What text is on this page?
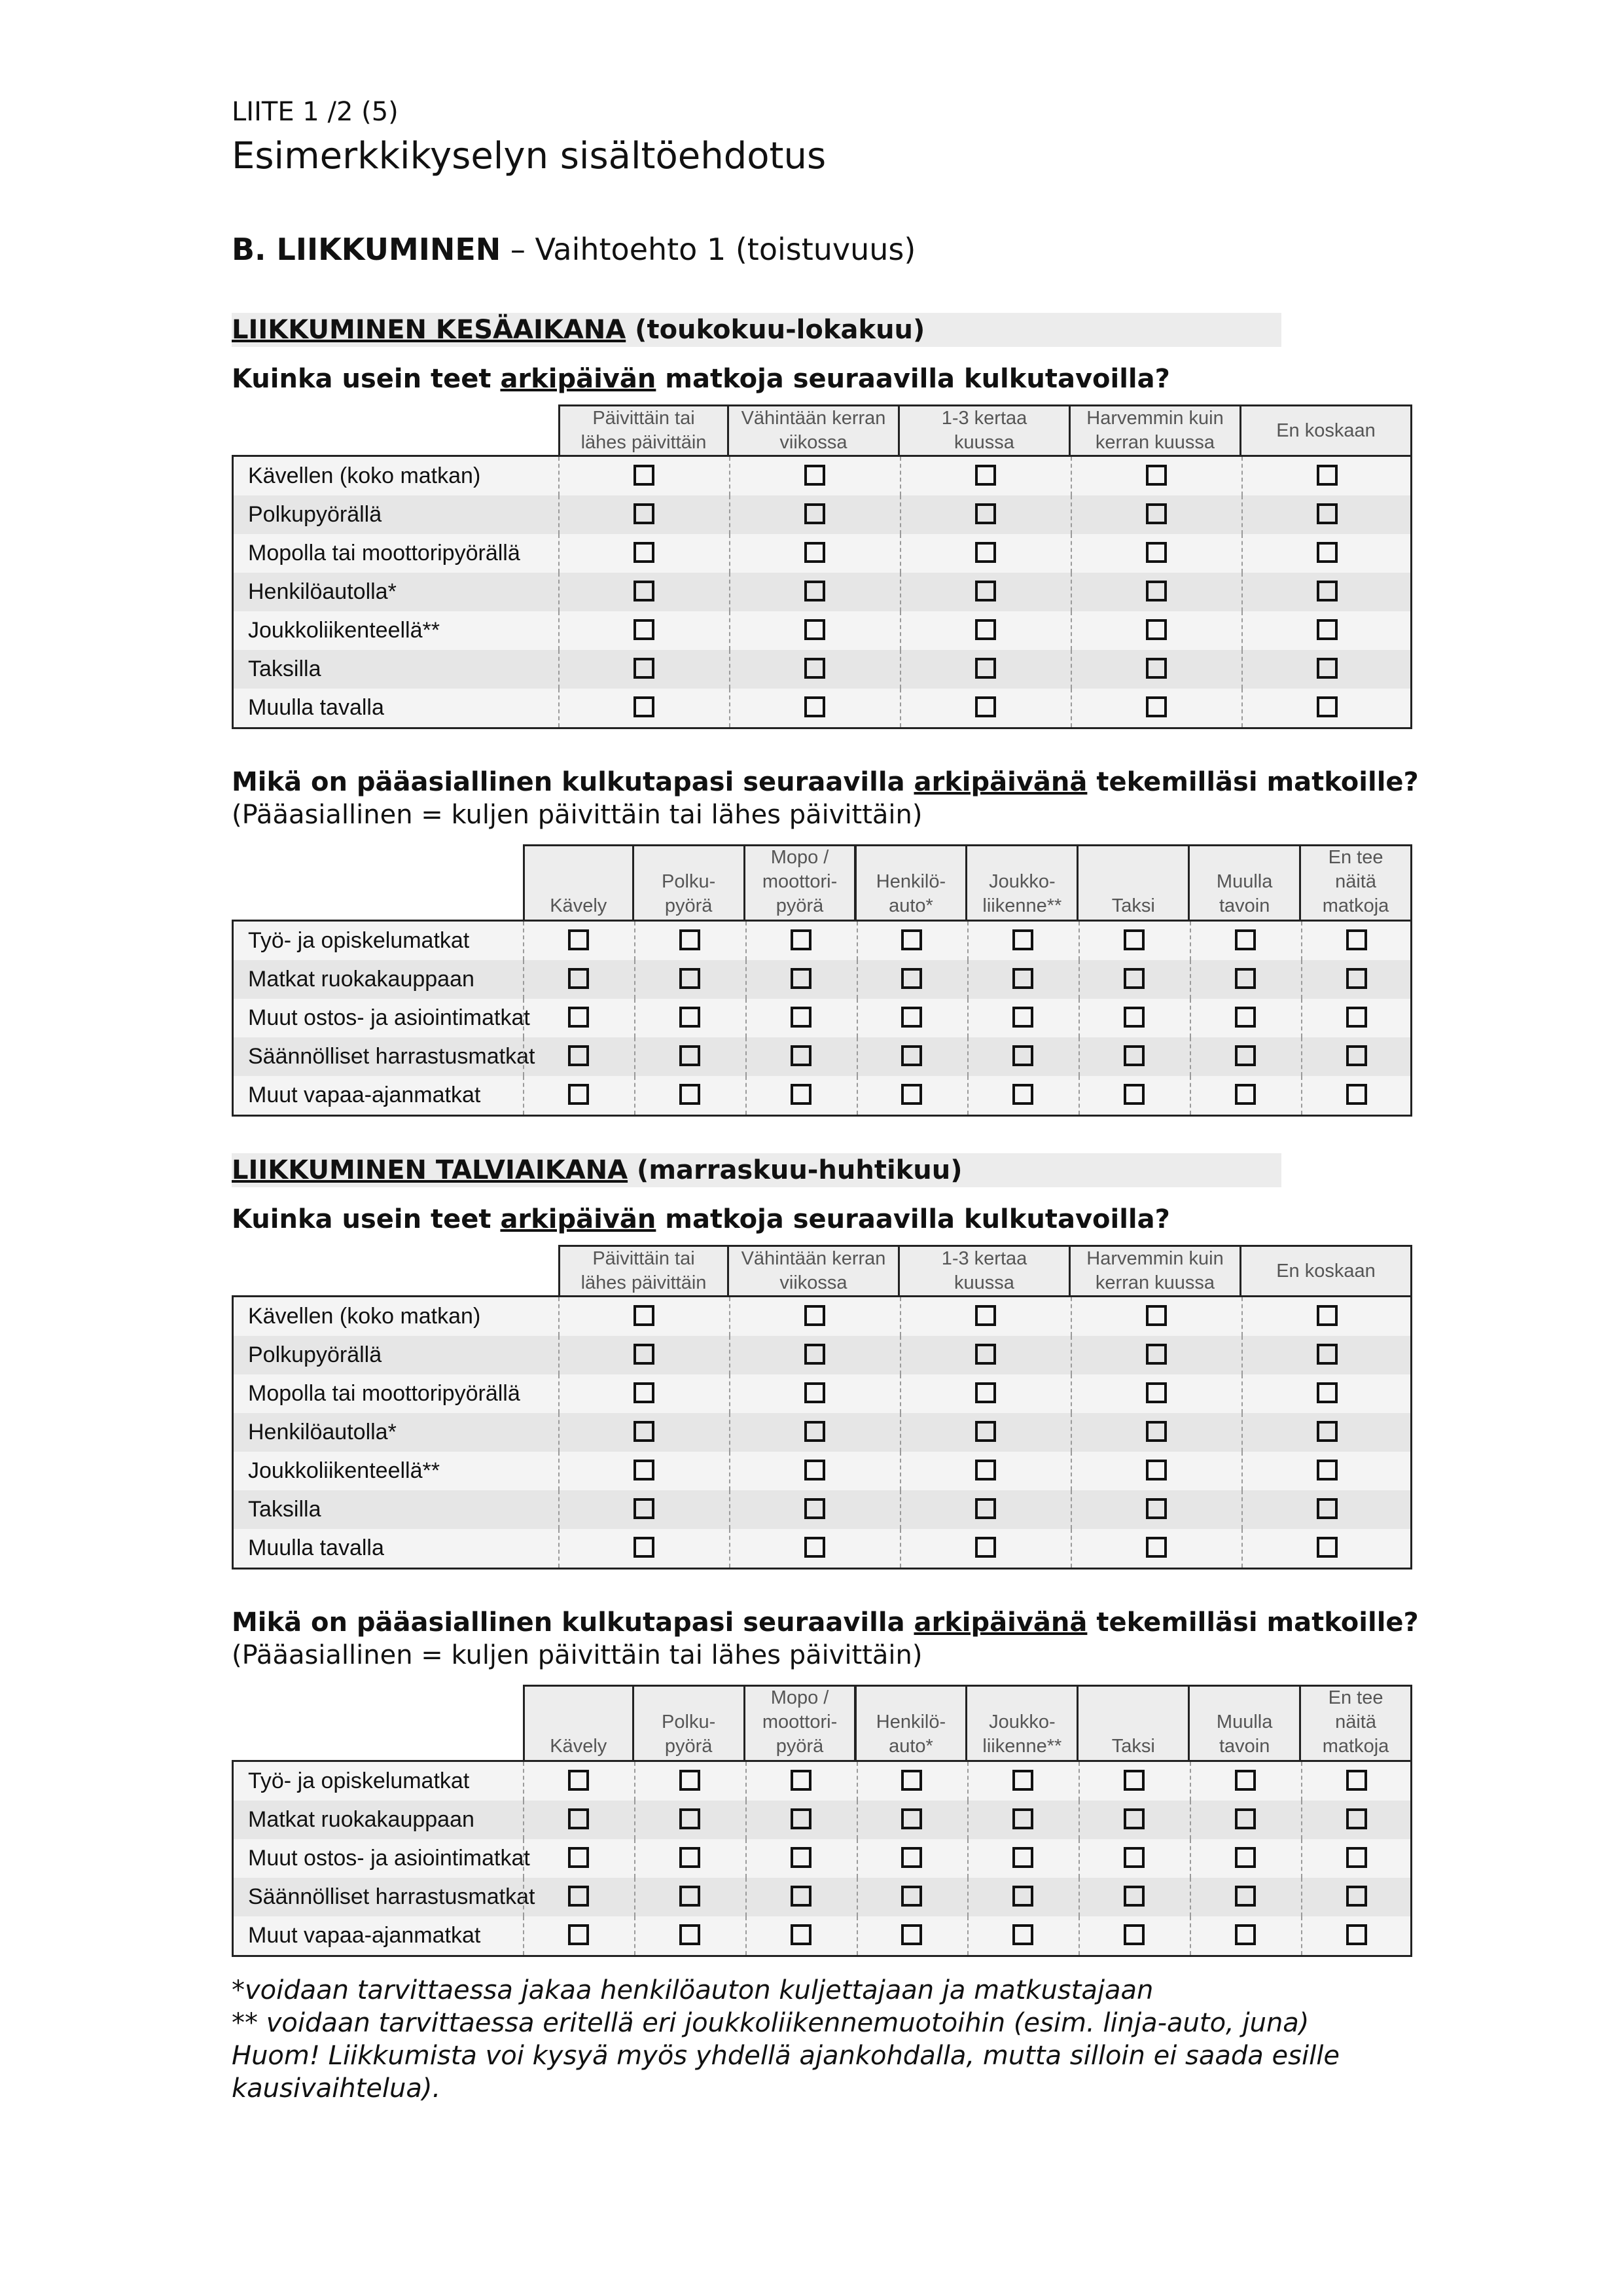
LIITE 1 /2 (5)
Esimerkkikyselyn sisältöehdotus
B. LIIKKUMINEN – Vaihtoehto 1 (toistuvuus)
LIIKKUMINEN KESÄAIKANA (toukokuu-lokakuu)
Kuinka usein teet arkipäivän matkoja seuraavilla kulkutavoilla?
Päivittäin tai
lähes päivittäin
Vähintään kerran
viikossa
1-3 kertaa
kuussa
Harvemmin kuin
kerran kuussa
En koskaan
Kävellen (koko matkan)
Polkupyörällä
Mopolla tai moottoripyörällä
Henkilöautolla*
Joukkoliikenteellä**
Taksilla
Muulla tavalla
Mikä on pääasiallinen kulkutapasi seuraavilla arkipäivänä tekemilläsi matkoille?
(Pääasiallinen = kuljen päivittäin tai lähes päivittäin)
Kävely
Polku-
pyörä
Mopo /
moottori-
pyörä
Henkilö-
auto*
Joukko-
liikenne**	Taksi
Muulla
tavoin
En tee
näitä
matkoja
Työ- ja opiskelumatkat
Matkat ruokakauppaan
Muut ostos- ja asiointimatkat
Säännölliset harrastusmatkat
Muut vapaa-ajanmatkat
LIIKKUMINEN TALVIAIKANA (marraskuu-huhtikuu)
Kuinka usein teet arkipäivän matkoja seuraavilla kulkutavoilla?
Päivittäin tai
lähes päivittäin
Vähintään kerran
viikossa
1-3 kertaa
kuussa
Harvemmin kuin
kerran kuussa
En koskaan
Kävellen (koko matkan)
Polkupyörällä
Mopolla tai moottoripyörällä
Henkilöautolla*
Joukkoliikenteellä**
Taksilla
Muulla tavalla
Mikä on pääasiallinen kulkutapasi seuraavilla arkipäivänä tekemilläsi matkoille?
(Pääasiallinen = kuljen päivittäin tai lähes päivittäin)
Kävely
Polku-
pyörä
Mopo /
moottori-
pyörä
Henkilö-
auto*
Joukko-
liikenne**	Taksi
Muulla
tavoin
En tee
näitä
matkoja
Työ- ja opiskelumatkat
Matkat ruokakauppaan
Muut ostos- ja asiointimatkat
Säännölliset harrastusmatkat
Muut vapaa-ajanmatkat
*voidaan tarvittaessa jakaa henkilöauton kuljettajaan ja matkustajaan
** voidaan tarvittaessa eritellä eri joukkoliikennemuotoihin (esim. linja-auto, juna)
Huom! Liikkumista voi kysyä myös yhdellä ajankohdalla, mutta silloin ei saada esille
kausivaihtelua).
